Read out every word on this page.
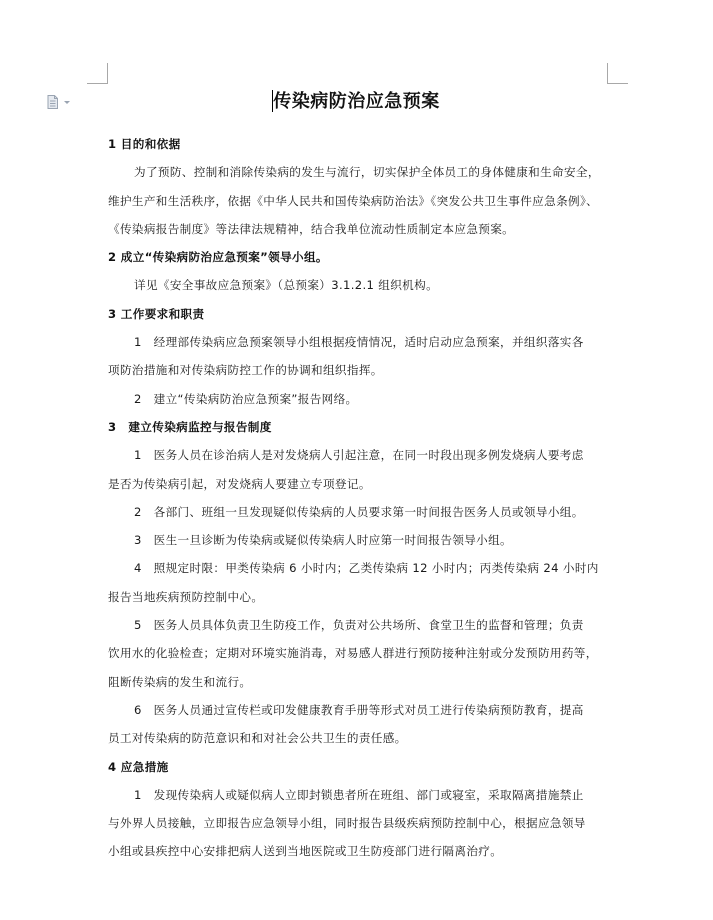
传染病防治应急预案

1 目的和依据

为了预防、控制和消除传染病的发生与流行，切实保护全体员工的身体健康和生命安全，

维护生产和生活秩序，依据《中华人民共和国传染病防治法》《突发公共卫生事件应急条例》、

《传染病报告制度》等法律法规精神，结合我单位流动性质制定本应急预案。

2 成立“传染病防治应急预案”领导小组。

详见《安全事故应急预案》（总预案）3.1.2.1 组织机构。

3 工作要求和职责

1　经理部传染病应急预案领导小组根据疫情情况，适时启动应急预案，并组织落实各

项防治措施和对传染病防控工作的协调和组织指挥。

2　建立“传染病防治应急预案”报告网络。

3　建立传染病监控与报告制度

1　医务人员在诊治病人是对发烧病人引起注意，在同一时段出现多例发烧病人要考虑

是否为传染病引起，对发烧病人要建立专项登记。

2　各部门、班组一旦发现疑似传染病的人员要求第一时间报告医务人员或领导小组。

3　医生一旦诊断为传染病或疑似传染病人时应第一时间报告领导小组。

4　照规定时限：甲类传染病 6 小时内；乙类传染病 12 小时内；丙类传染病 24 小时内

报告当地疾病预防控制中心。

5　医务人员具体负责卫生防疫工作，负责对公共场所、食堂卫生的监督和管理；负责

饮用水的化验检查；定期对环境实施消毒，对易感人群进行预防接种注射或分发预防用药等，

阻断传染病的发生和流行。

6　医务人员通过宣传栏或印发健康教育手册等形式对员工进行传染病预防教育，提高

员工对传染病的防范意识和和对社会公共卫生的责任感。

4 应急措施

1　发现传染病人或疑似病人立即封锁患者所在班组、部门或寝室，采取隔离措施禁止

与外界人员接触，立即报告应急领导小组，同时报告县级疾病预防控制中心，根据应急领导

小组或县疾控中心安排把病人送到当地医院或卫生防疫部门进行隔离治疗。
